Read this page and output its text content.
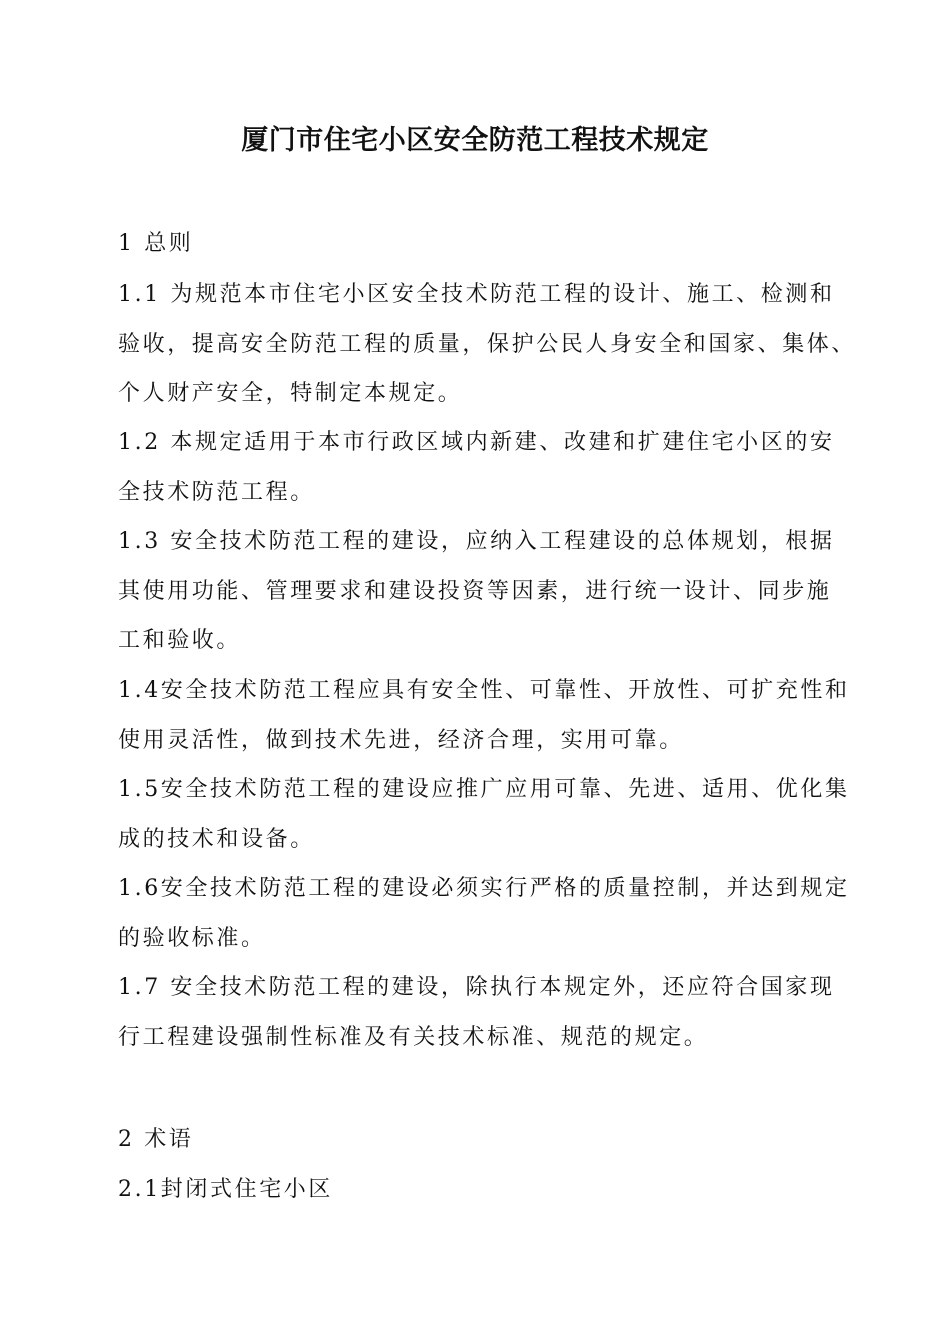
厦门市住宅小区安全防范工程技术规定
1 总则
1.1 为规范本市住宅小区安全技术防范工程的设计、施工、检测和
验收，提高安全防范工程的质量，保护公民人身安全和国家、集体、
个人财产安全，特制定本规定。
1.2 本规定适用于本市行政区域内新建、改建和扩建住宅小区的安
全技术防范工程。
1.3 安全技术防范工程的建设，应纳入工程建设的总体规划，根据
其使用功能、管理要求和建设投资等因素，进行统一设计、同步施
工和验收。
1.4安全技术防范工程应具有安全性、可靠性、开放性、可扩充性和
使用灵活性，做到技术先进，经济合理，实用可靠。
1.5安全技术防范工程的建设应推广应用可靠、先进、适用、优化集
成的技术和设备。
1.6安全技术防范工程的建设必须实行严格的质量控制，并达到规定
的验收标准。
1.7 安全技术防范工程的建设，除执行本规定外，还应符合国家现
行工程建设强制性标准及有关技术标准、规范的规定。
2 术语
2.1封闭式住宅小区
